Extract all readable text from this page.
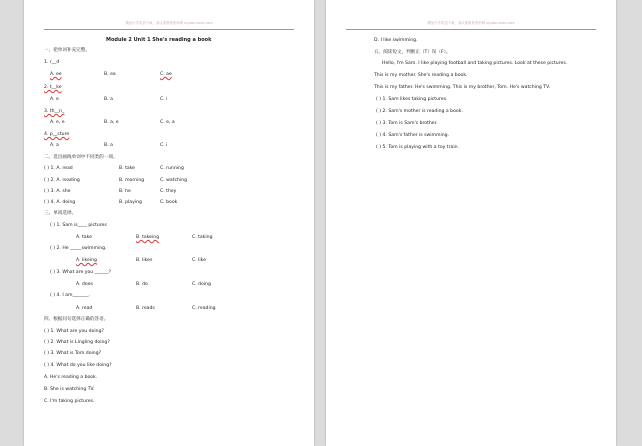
精品小学英语下载，请认准教育资料网 ziyuan.xxxx.com
Module 2 Unit 1 She's reading a book
一、把单词补充完整。
1. r__d
A. ee	B. ea	C. ae
2. t__ke
A. e	B. a	C. i
3. th__n_
A. e, e	B. a, e	C. e, a
4. p__cture
A. a	B. a	C. i
二、选出画线单词中不同类的一项。
( ) 1. A. read	B. take	C. running
( ) 2. A. reading	B. morning	C. watching
( ) 3. A. she	B. he	C. they
( ) 4. A. doing	B. playing	C. book
三、单项选择。
( ) 1. Sam is____ pictures
A. take	B. takeing	C. taking
( ) 2. He _____swimming.
A. likeing	B. likes	C. like
( ) 3. What are you ______?
A. does	B. do	C. doing
( ) 4. I am_______.
A. read	B. reads	C. reading
四、根据问句选择正确的答语。
( ) 1. What are you doing?
( ) 2. What is Lingling doing?
( ) 3. What is Tom doing?
( ) 4. What do you like doing?
A. He's reading a book.
B. She is watching TV.
C. I'm taking pictures.
精品小学英语下载，请认准教育资料网 ziyuan.xxxx.com
D. I like swimming.
五、阅读短文，判断正（T）误（F）。
Hello, I'm Sam. I like playing football and taking pictures. Look at these pictures.
This is my mother. She's reading a book.
This is my father. He's swimming. This is my brother, Tom. He's watching TV.
( ) 1. Sam likes taking pictures.
( ) 2. Sam's mother is reading a book.
( ) 3. Tom is Sam's brother.
( ) 4. Sam's father is swimming.
( ) 5. Tom is playing with a toy train.
